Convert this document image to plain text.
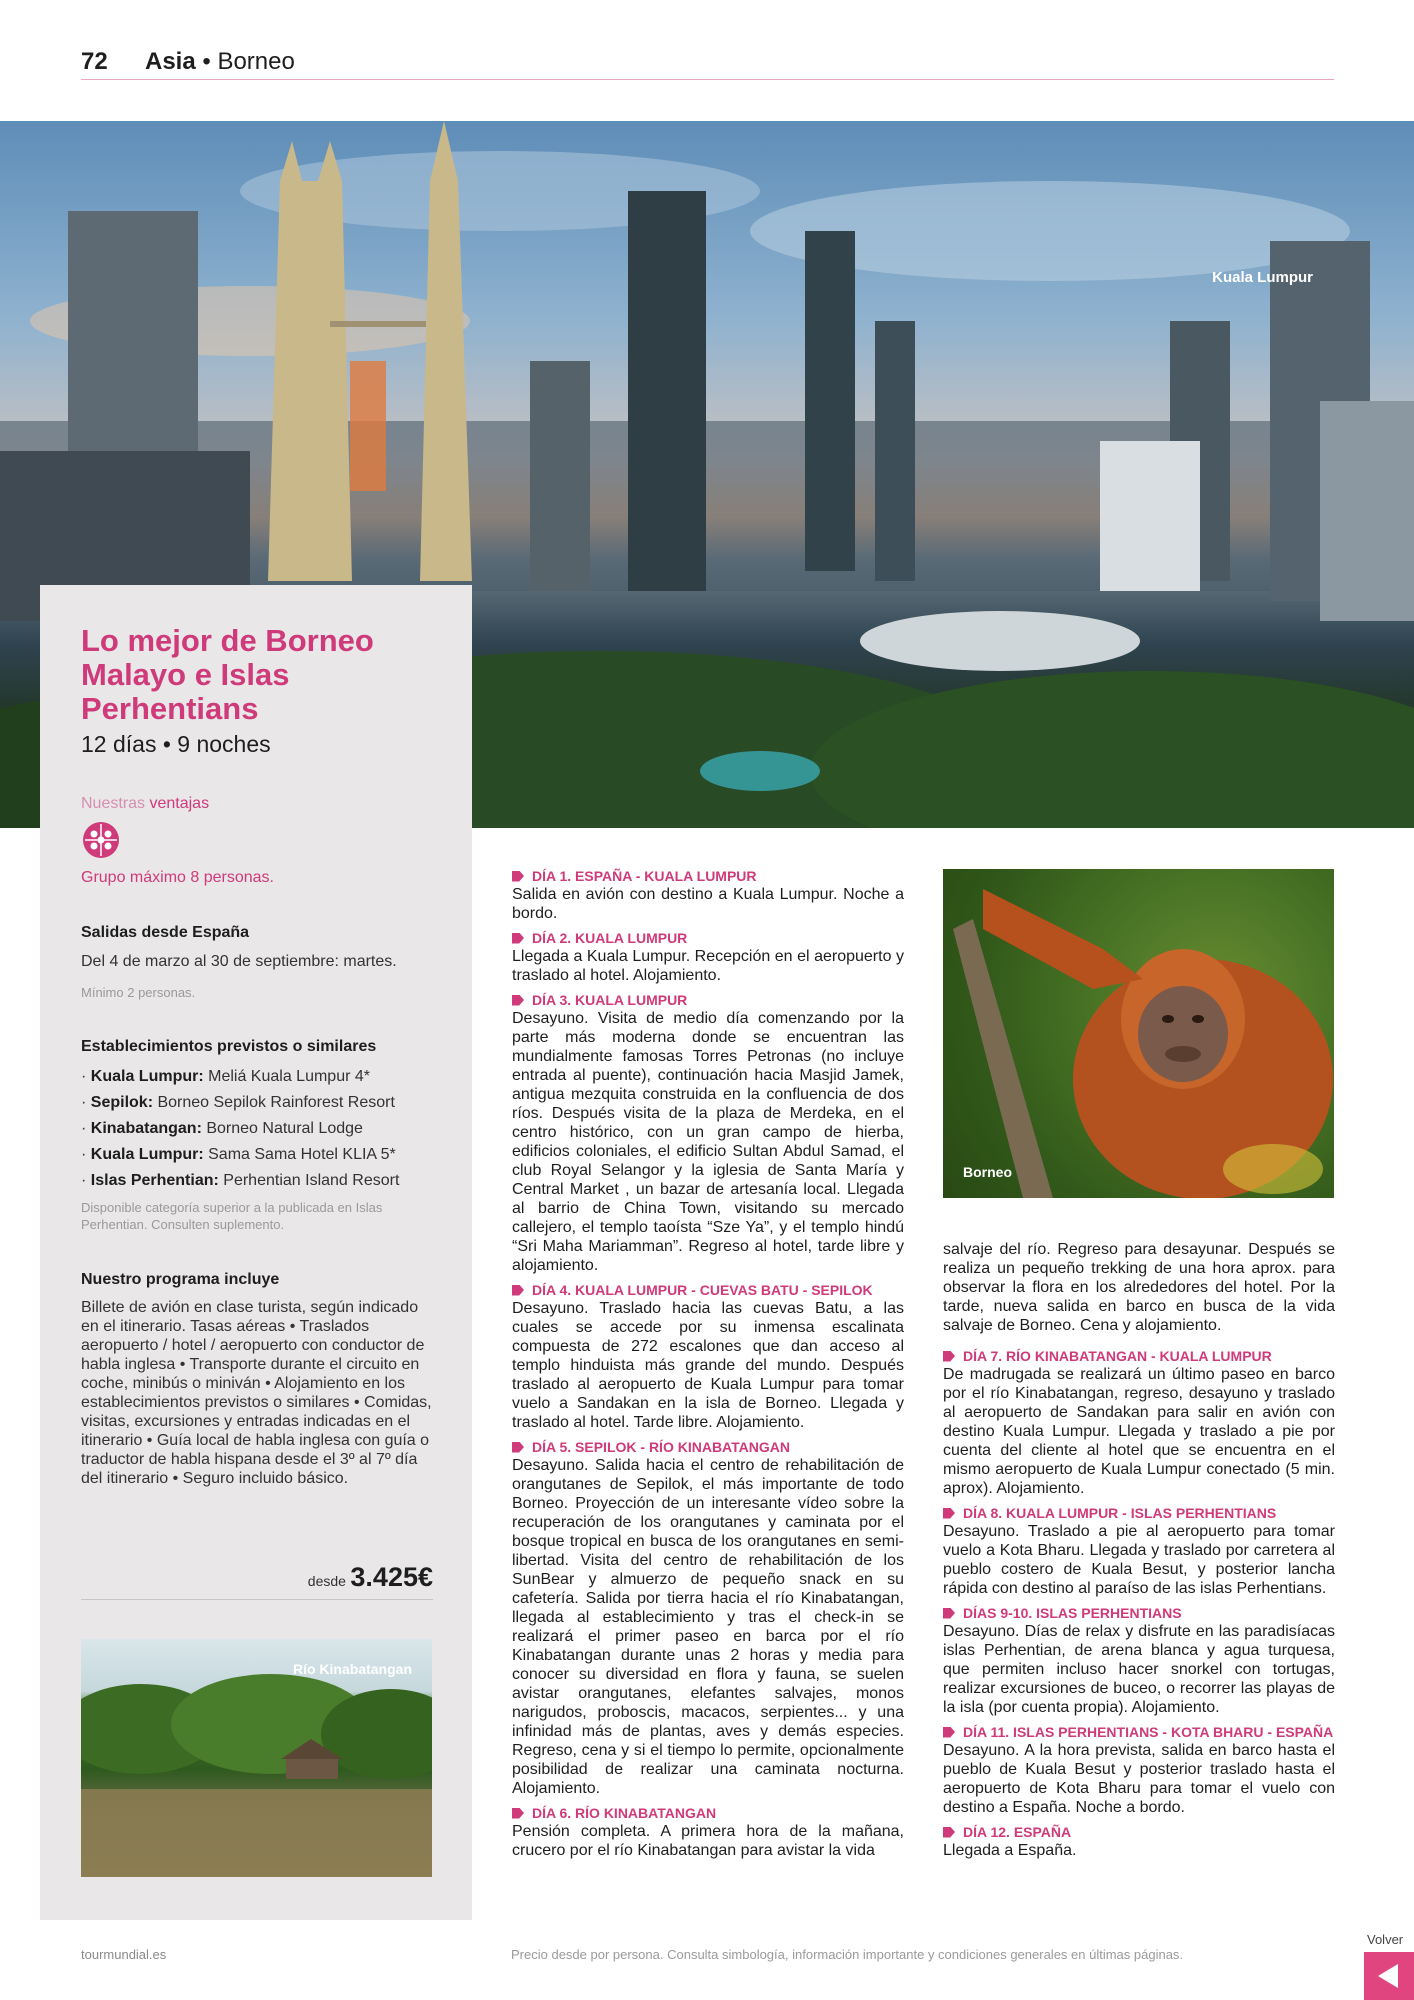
72 Asia • Borneo
Kuala Lumpur
Lo mejor de Borneo Malayo e Islas Perhentians
12 días • 9 noches
Nuestras ventajas
Grupo máximo 8 personas.
Salidas desde España
Del 4 de marzo al 30 de septiembre: martes.
Mínimo 2 personas.
Establecimientos previstos o similares
· Kuala Lumpur: Meliá Kuala Lumpur 4*
· Sepilok: Borneo Sepilok Rainforest Resort
· Kinabatangan: Borneo Natural Lodge
· Kuala Lumpur: Sama Sama Hotel KLIA 5*
· Islas Perhentian: Perhentian Island Resort
Disponible categoría superior a la publicada en Islas Perhentian. Consulten suplemento.
Nuestro programa incluye
Billete de avión en clase turista, según indicado en el itinerario. Tasas aéreas • Traslados aeropuerto / hotel / aeropuerto con conductor de habla inglesa • Transporte durante el circuito en coche, minibús o miniván • Alojamiento en los establecimientos previstos o similares • Comidas, visitas, excursiones y entradas indicadas en el itinerario • Guía local de habla inglesa con guía o traductor de habla hispana desde el 3º al 7º día del itinerario • Seguro incluido básico.
desde 3.425€
Río Kinabatangan
DÍA 1. ESPAÑA - KUALA LUMPUR
Salida en avión con destino a Kuala Lumpur. Noche a bordo.
DÍA 2. KUALA LUMPUR
Llegada a Kuala Lumpur. Recepción en el aeropuerto y traslado al hotel. Alojamiento.
DÍA 3. KUALA LUMPUR
Desayuno. Visita de medio día comenzando por la parte más moderna donde se encuentran las mundialmente famosas Torres Petronas (no incluye entrada al puente), continuación hacia Masjid Jamek, antigua mezquita construida en la confluencia de dos ríos. Después visita de la plaza de Merdeka, en el centro histórico, con un gran campo de hierba, edificios coloniales, el edificio Sultan Abdul Samad, el club Royal Selangor y la iglesia de Santa María y Central Market , un bazar de artesanía local. Llegada al barrio de China Town, visitando su mercado callejero, el templo taoísta “Sze Ya”, y el templo hindú “Sri Maha Mariamman”. Regreso al hotel, tarde libre y alojamiento.
DÍA 4. KUALA LUMPUR - CUEVAS BATU - SEPILOK
Desayuno. Traslado hacia las cuevas Batu, a las cuales se accede por su inmensa escalinata compuesta de 272 escalones que dan acceso al templo hinduista más grande del mundo. Después traslado al aeropuerto de Kuala Lumpur para tomar vuelo a Sandakan en la isla de Borneo. Llegada y traslado al hotel. Tarde libre. Alojamiento.
DÍA 5. SEPILOK - RÍO KINABATANGAN
Desayuno. Salida hacia el centro de rehabilitación de orangutanes de Sepilok, el más importante de todo Borneo. Proyección de un interesante vídeo sobre la recuperación de los orangutanes y caminata por el bosque tropical en busca de los orangutanes en semi-libertad. Visita del centro de rehabilitación de los SunBear y almuerzo de pequeño snack en su cafetería. Salida por tierra hacia el río Kinabatangan, llegada al establecimiento y tras el check-in se realizará el primer paseo en barca por el río Kinabatangan durante unas 2 horas y media para conocer su diversidad en flora y fauna, se suelen avistar orangutanes, elefantes salvajes, monos narigudos, proboscis, macacos, serpientes... y una infinidad más de plantas, aves y demás especies. Regreso, cena y si el tiempo lo permite, opcionalmente posibilidad de realizar una caminata nocturna. Alojamiento.
DÍA 6. RÍO KINABATANGAN
Pensión completa. A primera hora de la mañana, crucero por el río Kinabatangan para avistar la vida
Borneo
salvaje del río. Regreso para desayunar. Después se realiza un pequeño trekking de una hora aprox. para observar la flora en los alrededores del hotel. Por la tarde, nueva salida en barco en busca de la vida salvaje de Borneo. Cena y alojamiento.
DÍA 7. RÍO KINABATANGAN - KUALA LUMPUR
De madrugada se realizará un último paseo en barco por el río Kinabatangan, regreso, desayuno y traslado al aeropuerto de Sandakan para salir en avión con destino Kuala Lumpur. Llegada y traslado a pie por cuenta del cliente al hotel que se encuentra en el mismo aeropuerto de Kuala Lumpur conectado (5 min. aprox). Alojamiento.
DÍA 8. KUALA LUMPUR - ISLAS PERHENTIANS
Desayuno. Traslado a pie al aeropuerto para tomar vuelo a Kota Bharu. Llegada y traslado por carretera al pueblo costero de Kuala Besut, y posterior lancha rápida con destino al paraíso de las islas Perhentians.
DÍAS 9-10. ISLAS PERHENTIANS
Desayuno. Días de relax y disfrute en las paradisíacas islas Perhentian, de arena blanca y agua turquesa, que permiten incluso hacer snorkel con tortugas, realizar excursiones de buceo, o recorrer las playas de la isla (por cuenta propia). Alojamiento.
DÍA 11. ISLAS PERHENTIANS - KOTA BHARU - ESPAÑA
Desayuno. A la hora prevista, salida en barco hasta el pueblo de Kuala Besut y posterior traslado hasta el aeropuerto de Kota Bharu para tomar el vuelo con destino a España. Noche a bordo.
DÍA 12. ESPAÑA
Llegada a España.
tourmundial.es	Precio desde por persona. Consulta simbología, información importante y condiciones generales en últimas páginas.
Volver
